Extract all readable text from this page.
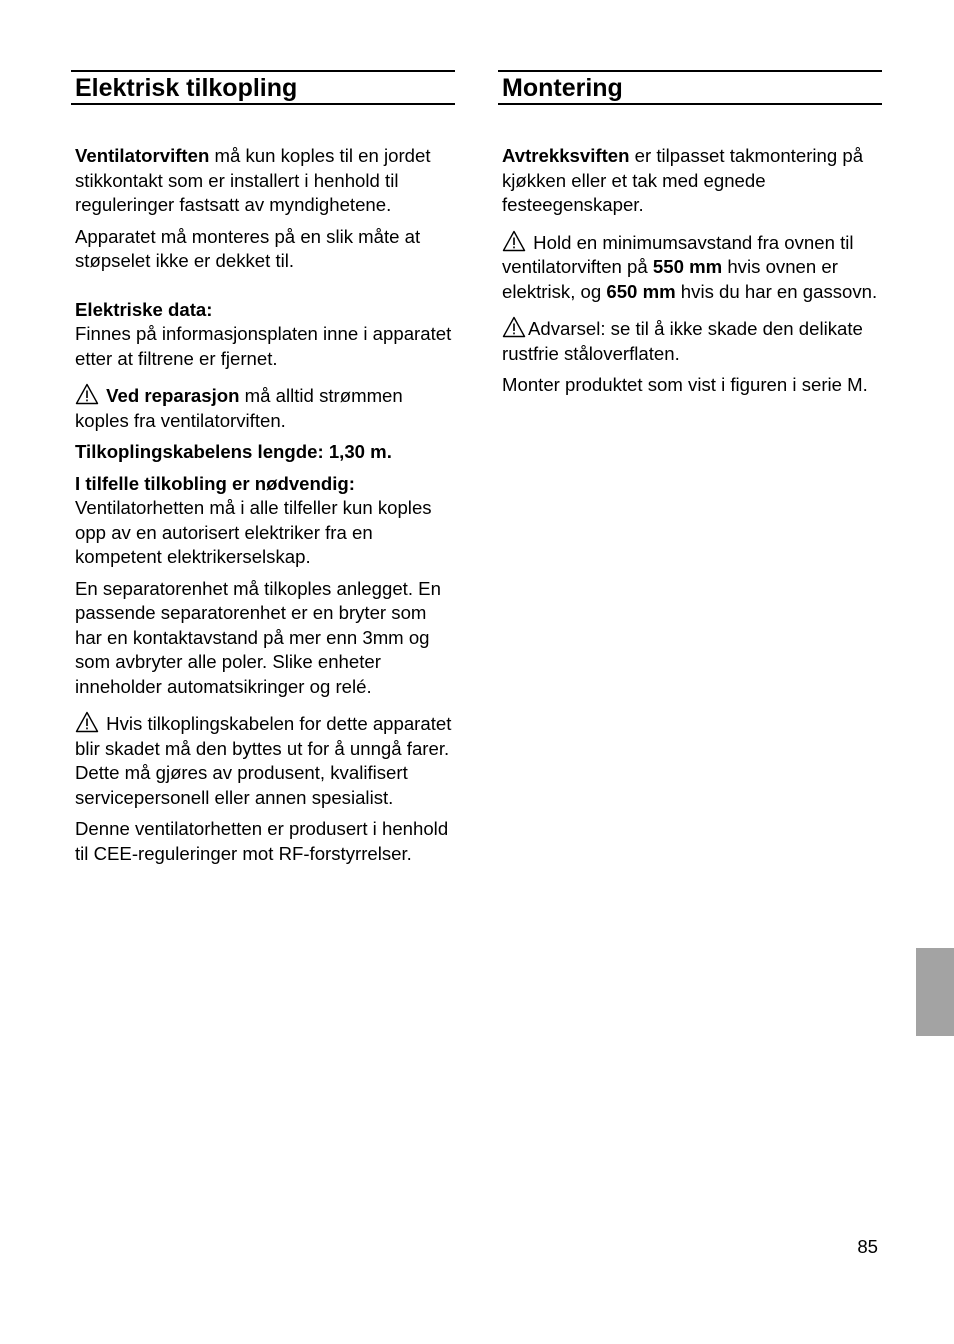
Elektrisk tilkopling

Ventilatorviften må kun koples til en jordet stikkontakt som er installert i henhold til reguleringer fastsatt av myndighetene.

Apparatet må monteres på en slik måte at støpselet ikke er dekket til.

Elektriske data:
Finnes på informasjonsplaten inne i apparatet etter at filtrene er fjernet.

Ved reparasjon må alltid strømmen koples fra ventilatorviften.

Tilkoplingskabelens lengde: 1,30 m.

I tilfelle tilkobling er nødvendig:
Ventilatorhetten må i alle tilfeller kun koples opp av en autorisert elektriker fra en kompetent elektrikerselskap.

En separatorenhet må tilkoples anlegget. En passende separatorenhet er en bryter som har en kontaktavstand på mer enn 3mm og som avbryter alle poler. Slike enheter inneholder automatsikringer og relé.

Hvis tilkoplingskabelen for dette apparatet blir skadet må den byttes ut for å unngå farer. Dette må gjøres av produsent, kvalifisert servicepersonell eller annen spesialist.

Denne ventilatorhetten er produsert i henhold til CEE-reguleringer mot RF-forstyrrelser.

Montering

Avtrekksviften er tilpasset takmontering på kjøkken eller et tak med egnede festeegenskaper.

Hold en minimumsavstand fra ovnen til ventilatorviften på 550 mm hvis ovnen er elektrisk, og 650 mm hvis du har en gassovn.

Advarsel: se til å ikke skade den delikate rustfrie ståloverflaten.

Monter produktet som vist i figuren i serie M.

85
